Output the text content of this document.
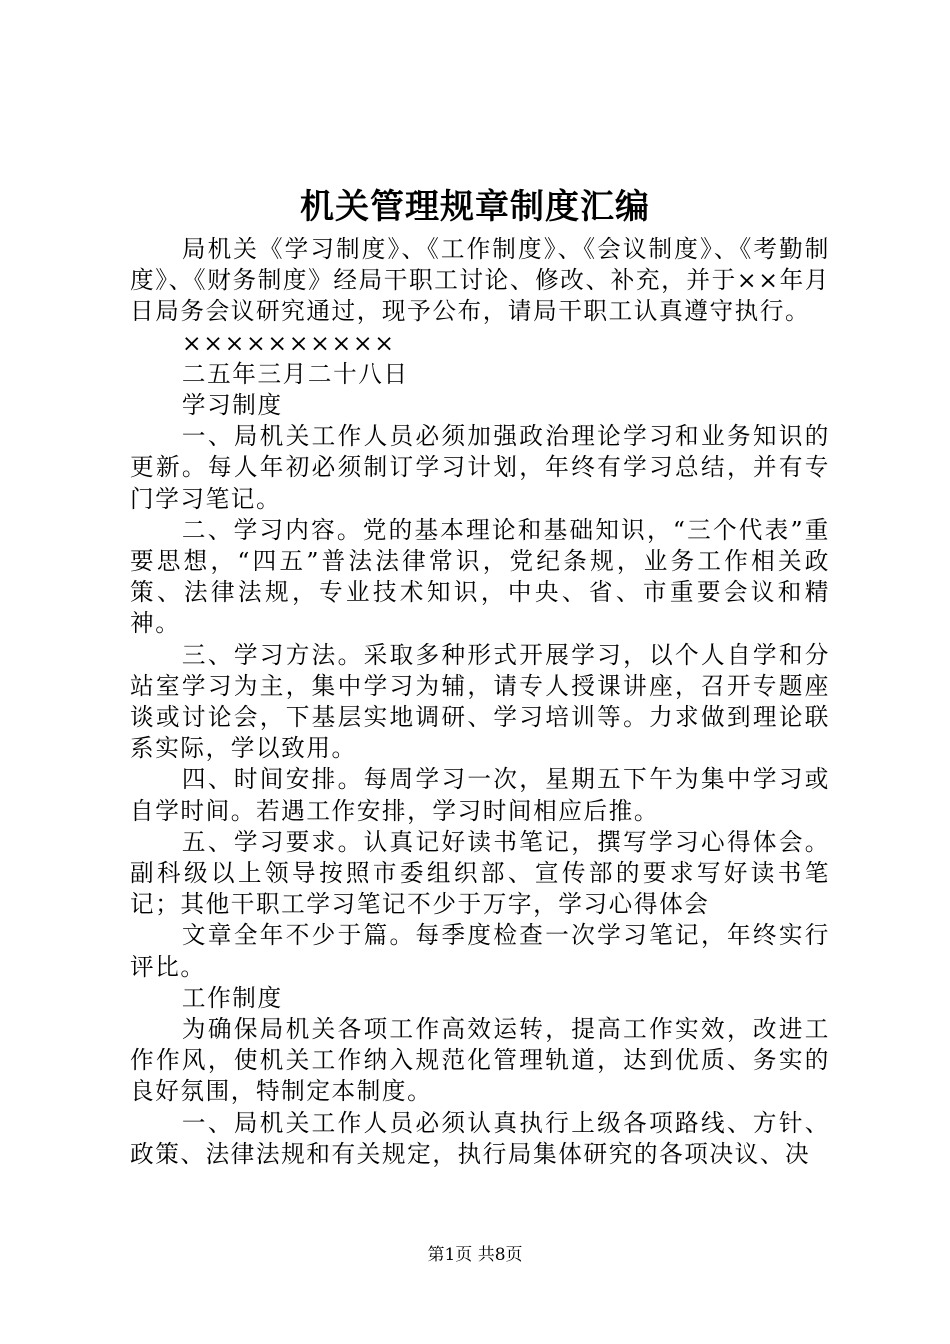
机关管理规章制度汇编

局机关《学习制度》、《工作制度》、《会议制度》、《考勤制度》、《财务制度》经局干职工讨论、修改、补充，并于××年月日局务会议研究通过，现予公布，请局干职工认真遵守执行。

××××××××××

二五年三月二十八日

学习制度

一、局机关工作人员必须加强政治理论学习和业务知识的更新。每人年初必须制订学习计划，年终有学习总结，并有专门学习笔记。

二、学习内容。党的基本理论和基础知识，“三个代表”重要思想，“四五”普法法律常识，党纪条规，业务工作相关政策、法律法规，专业技术知识，中央、省、市重要会议和精神。

三、学习方法。采取多种形式开展学习，以个人自学和分站室学习为主，集中学习为辅，请专人授课讲座，召开专题座谈或讨论会，下基层实地调研、学习培训等。力求做到理论联系实际，学以致用。

四、时间安排。每周学习一次，星期五下午为集中学习或自学时间。若遇工作安排，学习时间相应后推。

五、学习要求。认真记好读书笔记，撰写学习心得体会。副科级以上领导按照市委组织部、宣传部的要求写好读书笔记；其他干职工学习笔记不少于万字，学习心得体会

文章全年不少于篇。每季度检查一次学习笔记，年终实行评比。

工作制度

为确保局机关各项工作高效运转，提高工作实效，改进工作作风，使机关工作纳入规范化管理轨道，达到优质、务实的良好氛围，特制定本制度。

一、局机关工作人员必须认真执行上级各项路线、方针、政策、法律法规和有关规定，执行局集体研究的各项决议、决

第1页 共8页
